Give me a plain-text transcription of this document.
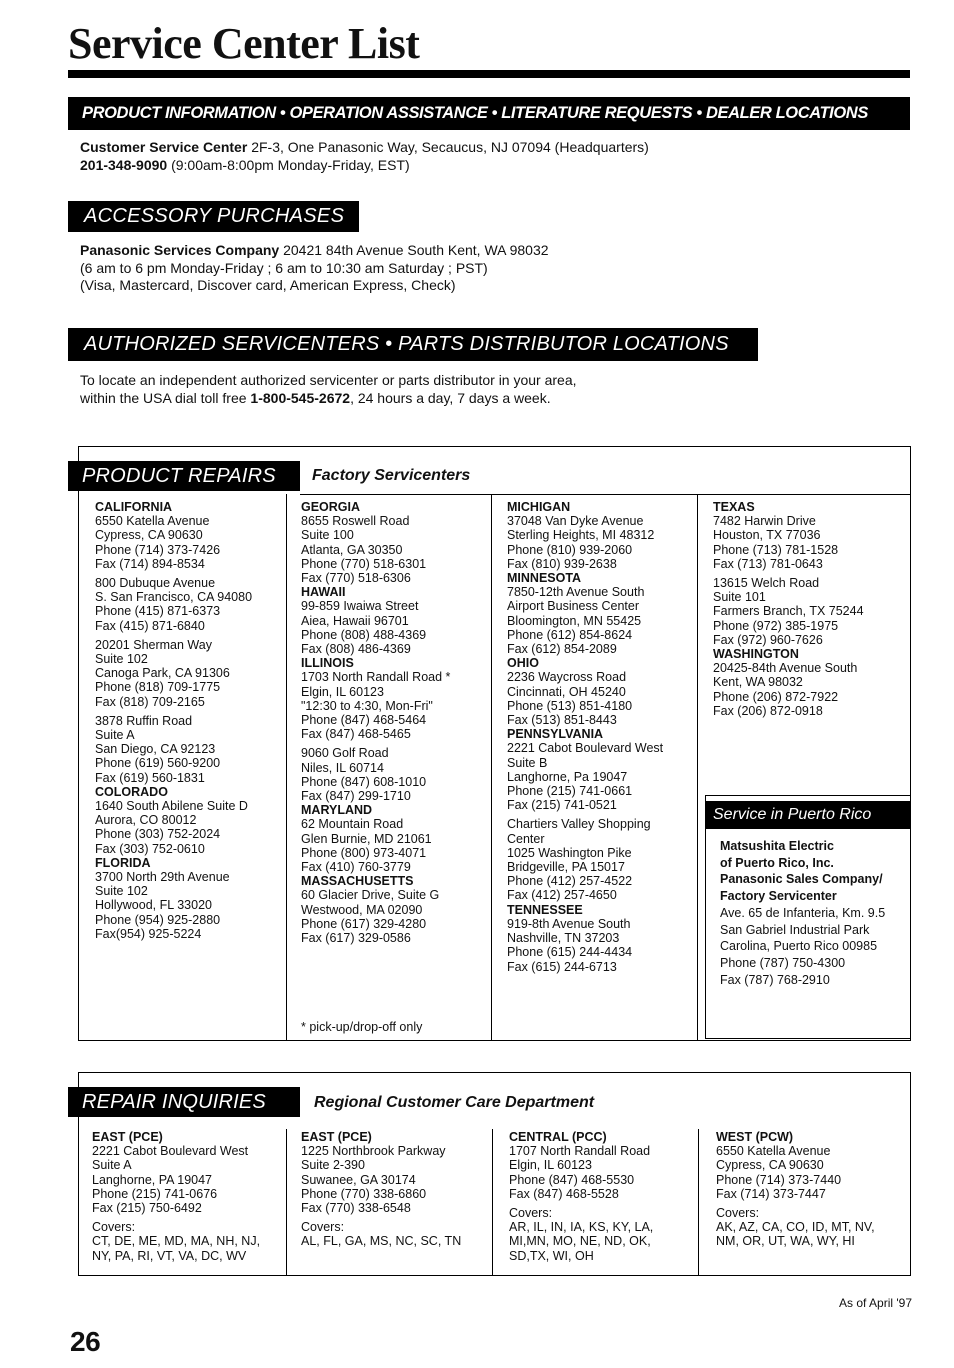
Service Center List
PRODUCT INFORMATION • OPERATION ASSISTANCE • LITERATURE REQUESTS • DEALER LOCATIONS
Customer Service Center 2F-3, One Panasonic Way, Secaucus, NJ 07094 (Headquarters)
201-348-9090 (9:00am-8:00pm Monday-Friday, EST)
ACCESSORY PURCHASES
Panasonic Services Company 20421 84th Avenue South Kent, WA 98032
(6 am to 6 pm Monday-Friday ; 6 am to 10:30 am Saturday ; PST)
(Visa, Mastercard, Discover card, American Express, Check)
AUTHORIZED SERVICENTERS • PARTS DISTRIBUTOR LOCATIONS
To locate an independent authorized servicenter or parts distributor in your area,
within the USA dial toll free 1-800-545-2672, 24 hours a day, 7 days a week.
PRODUCT REPAIRS	Factory Servicenters
CALIFORNIA
6550 Katella Avenue
Cypress, CA 90630
Phone (714) 373-7426
Fax (714) 894-8534
800 Dubuque Avenue
S. San Francisco, CA 94080
Phone (415) 871-6373
Fax (415) 871-6840
20201 Sherman Way
Suite 102
Canoga Park, CA 91306
Phone (818) 709-1775
Fax (818) 709-2165
3878 Ruffin Road
Suite A
San Diego, CA 92123
Phone (619) 560-9200
Fax (619) 560-1831
COLORADO
1640 South Abilene Suite D
Aurora, CO 80012
Phone (303) 752-2024
Fax (303) 752-0610
FLORIDA
3700 North 29th Avenue
Suite 102
Hollywood, FL 33020
Phone (954) 925-2880
Fax(954) 925-5224
GEORGIA
8655 Roswell Road
Suite 100
Atlanta, GA 30350
Phone (770) 518-6301
Fax (770) 518-6306
HAWAII
99-859 Iwaiwa Street
Aiea, Hawaii 96701
Phone (808) 488-4369
Fax (808) 486-4369
ILLINOIS
1703 North Randall Road *
Elgin, IL 60123
"12:30 to 4:30, Mon-Fri"
Phone (847) 468-5464
Fax (847) 468-5465
9060 Golf Road
Niles, IL 60714
Phone (847) 608-1010
Fax (847) 299-1710
MARYLAND
62 Mountain Road
Glen Burnie, MD 21061
Phone (800) 973-4071
Fax (410) 760-3779
MASSACHUSETTS
60 Glacier Drive, Suite G
Westwood, MA 02090
Phone (617) 329-4280
Fax (617) 329-0586
MICHIGAN
37048 Van Dyke Avenue
Sterling Heights, MI 48312
Phone (810) 939-2060
Fax (810) 939-2638
MINNESOTA
7850-12th Avenue South
Airport Business Center
Bloomington, MN 55425
Phone (612) 854-8624
Fax (612) 854-2089
OHIO
2236 Waycross Road
Cincinnati, OH 45240
Phone (513) 851-4180
Fax (513) 851-8443
PENNSYLVANIA
2221 Cabot Boulevard West
Suite B
Langhorne, Pa 19047
Phone (215) 741-0661
Fax (215) 741-0521
Chartiers Valley Shopping
Center
1025 Washington Pike
Bridgeville, PA 15017
Phone (412) 257-4522
Fax (412) 257-4650
TENNESSEE
919-8th Avenue South
Nashville, TN 37203
Phone (615) 244-4434
Fax (615) 244-6713
TEXAS
7482 Harwin Drive
Houston, TX 77036
Phone (713) 781-1528
Fax (713) 781-0643
13615 Welch Road
Suite 101
Farmers Branch, TX 75244
Phone (972) 385-1975
Fax (972) 960-7626
WASHINGTON
20425-84th Avenue South
Kent, WA 98032
Phone (206) 872-7922
Fax (206) 872-0918
* pick-up/drop-off only
Service in Puerto Rico
Matsushita Electric
of Puerto Rico, Inc.
Panasonic Sales Company/
Factory Servicenter
Ave. 65 de Infanteria, Km. 9.5
San Gabriel Industrial Park
Carolina, Puerto Rico 00985
Phone (787) 750-4300
Fax (787) 768-2910
REPAIR INQUIRIES	Regional Customer Care Department
EAST (PCE)
2221 Cabot Boulevard West
Suite A
Langhorne, PA 19047
Phone (215) 741-0676
Fax (215) 750-6492
Covers:
CT, DE, ME, MD, MA, NH, NJ,
NY, PA, RI, VT, VA, DC, WV
EAST (PCE)
1225 Northbrook Parkway
Suite 2-390
Suwanee, GA 30174
Phone (770) 338-6860
Fax (770) 338-6548
Covers:
AL, FL, GA, MS, NC, SC, TN
CENTRAL (PCC)
1707 North Randall Road
Elgin, IL 60123
Phone (847) 468-5530
Fax (847) 468-5528
Covers:
AR, IL, IN, IA, KS, KY, LA,
MI,MN, MO, NE, ND, OK,
SD,TX, WI, OH
WEST (PCW)
6550 Katella Avenue
Cypress, CA 90630
Phone (714) 373-7440
Fax (714) 373-7447
Covers:
AK, AZ, CA, CO, ID, MT, NV,
NM, OR, UT, WA, WY, HI
As of April '97
26
